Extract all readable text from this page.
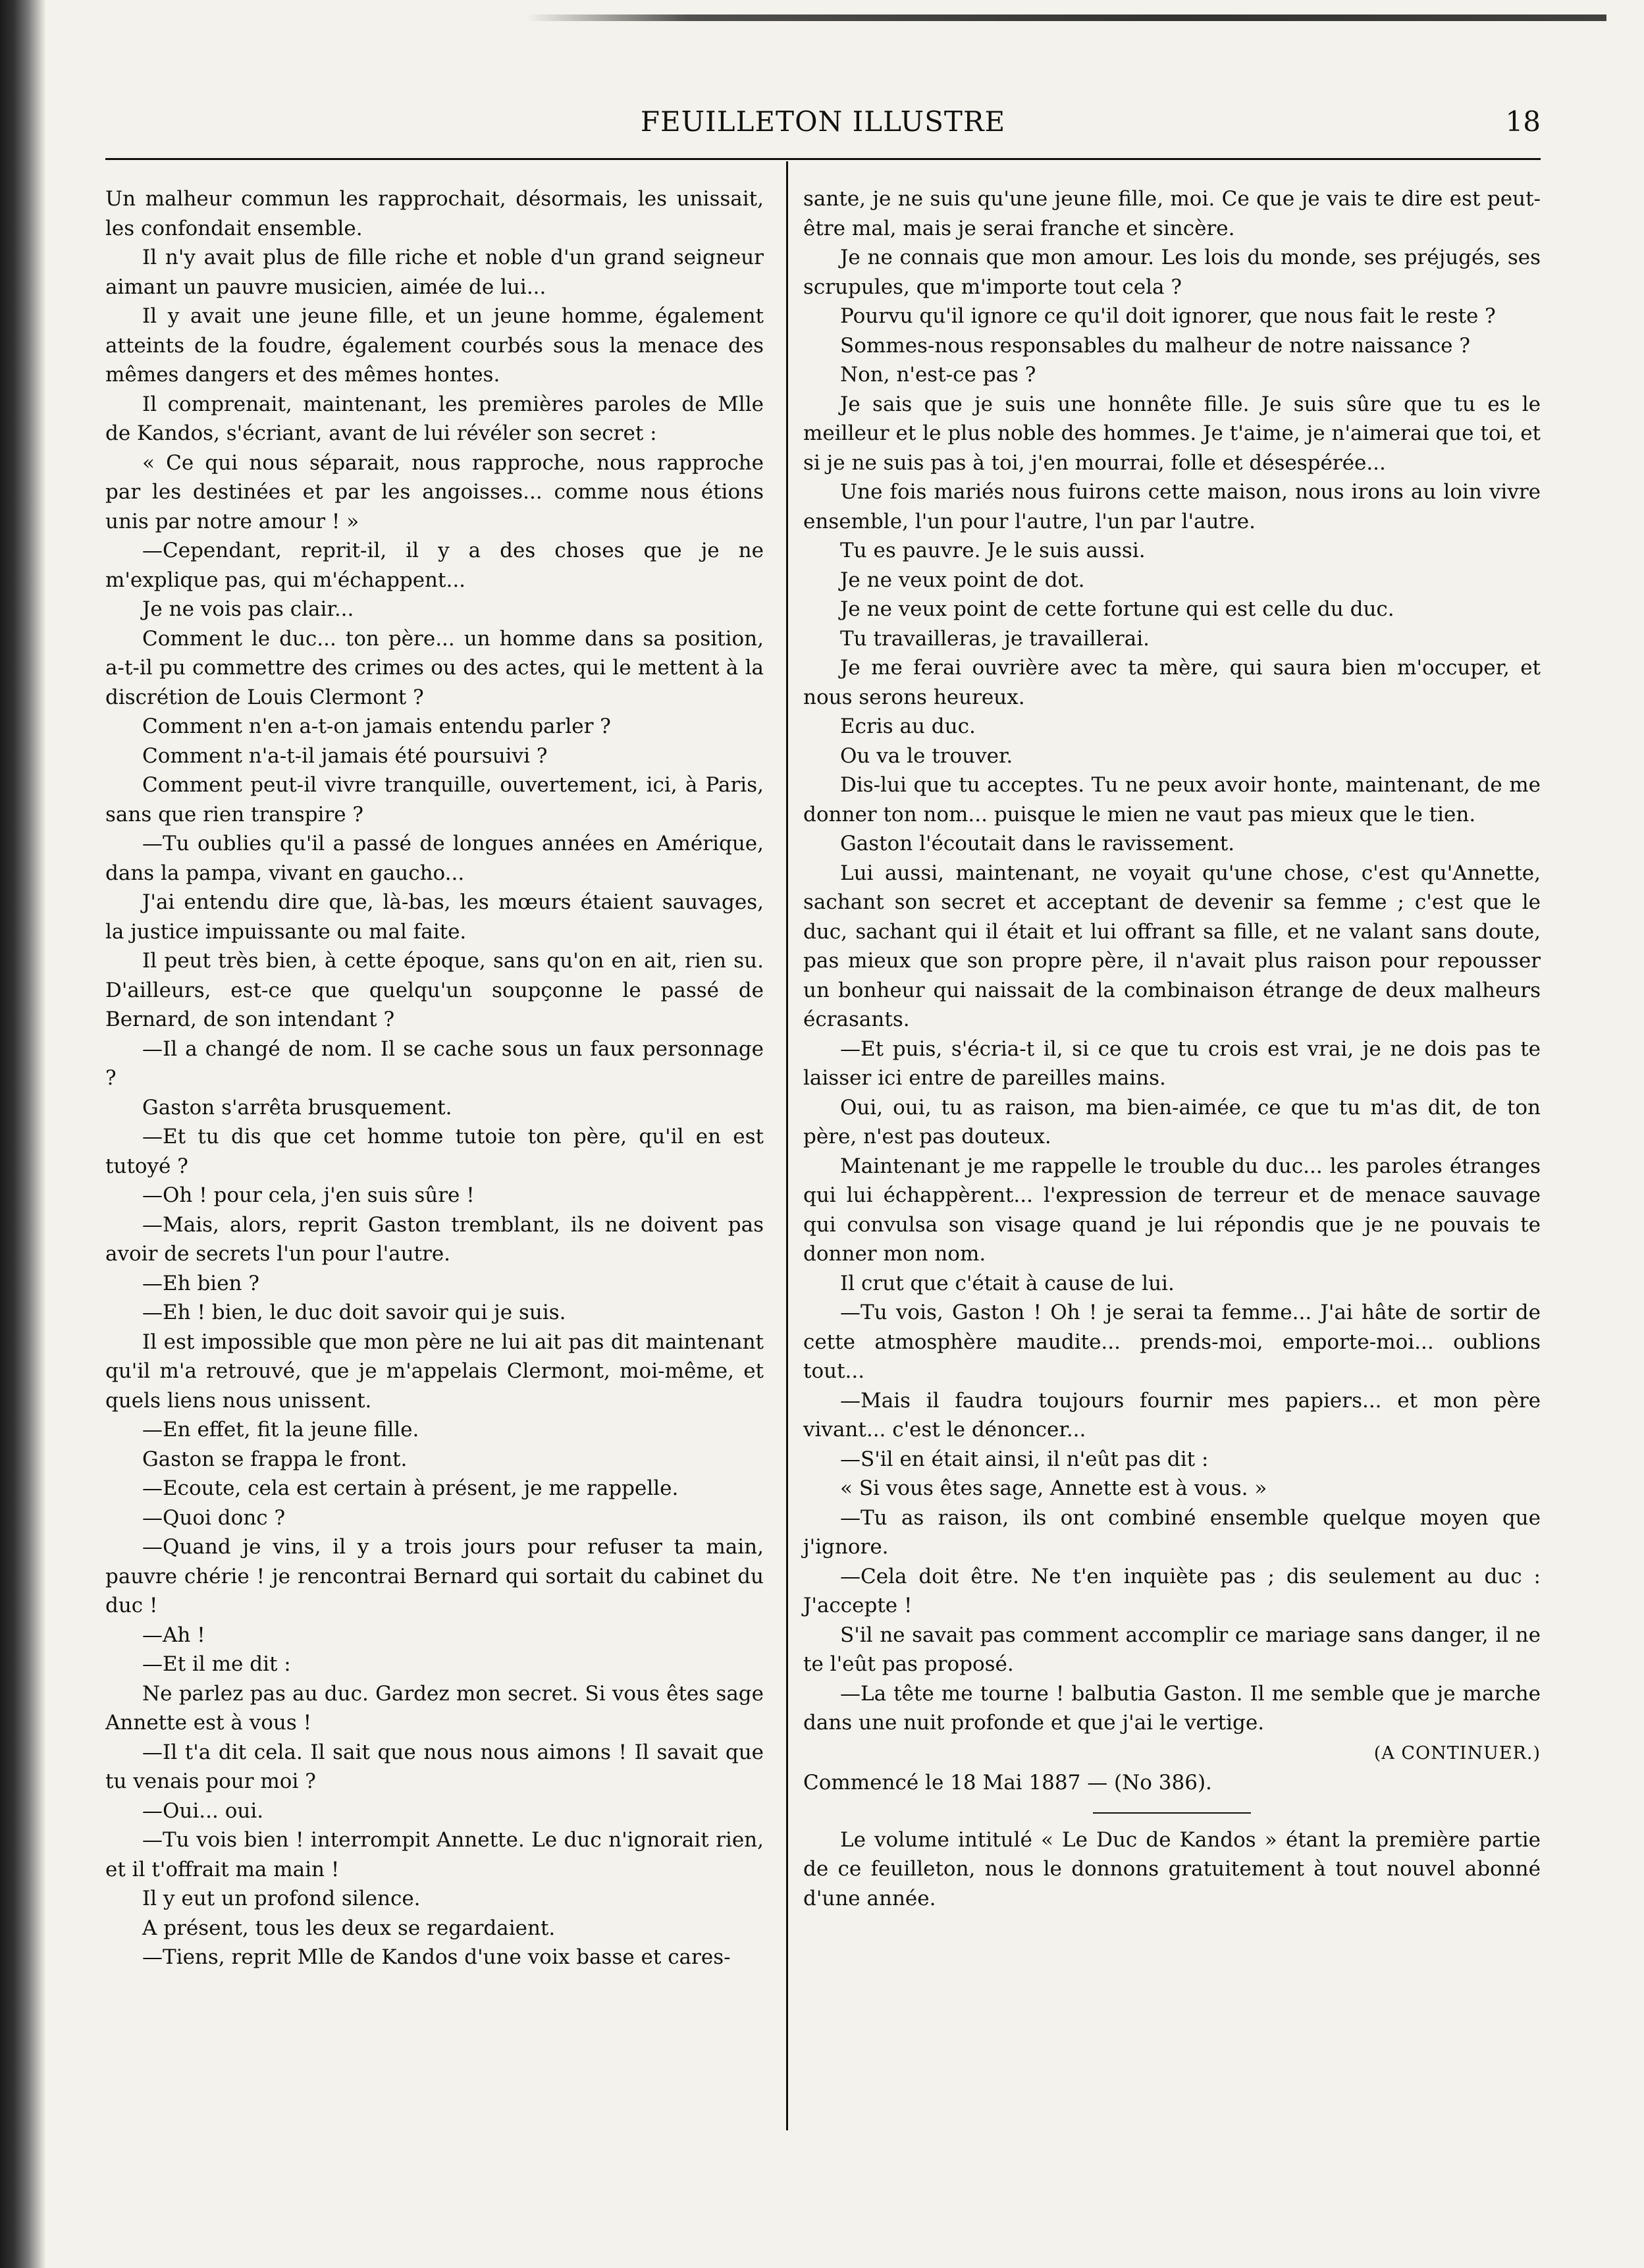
FEUILLETON ILLUSTRE	18

Un malheur commun les rapprochait, désormais, les unissait, les confondait ensemble.

Il n'y avait plus de fille riche et noble d'un grand seigneur aimant un pauvre musicien, aimée de lui...

Il y avait une jeune fille, et un jeune homme, également atteints de la foudre, également courbés sous la menace des mêmes dangers et des mêmes hontes.

Il comprenait, maintenant, les premières paroles de Mlle de Kandos, s'écriant, avant de lui révéler son secret :

« Ce qui nous séparait, nous rapproche, nous rapproche par les destinées et par les angoisses... comme nous étions unis par notre amour ! »

—Cependant, reprit-il, il y a des choses que je ne m'explique pas, qui m'échappent...

Je ne vois pas clair...

Comment le duc... ton père... un homme dans sa position, a-t-il pu commettre des crimes ou des actes, qui le mettent à la discrétion de Louis Clermont ?

Comment n'en a-t-on jamais entendu parler ?

Comment n'a-t-il jamais été poursuivi ?

Comment peut-il vivre tranquille, ouvertement, ici, à Paris, sans que rien transpire ?

—Tu oublies qu'il a passé de longues années en Amérique, dans la pampa, vivant en gaucho...

J'ai entendu dire que, là-bas, les mœurs étaient sauvages, la justice impuissante ou mal faite.

Il peut très bien, à cette époque, sans qu'on en ait, rien su. D'ailleurs, est-ce que quelqu'un soupçonne le passé de Bernard, de son intendant ?

—Il a changé de nom. Il se cache sous un faux personnage ?

Gaston s'arrêta brusquement.

—Et tu dis que cet homme tutoie ton père, qu'il en est tutoyé ?

—Oh ! pour cela, j'en suis sûre !

—Mais, alors, reprit Gaston tremblant, ils ne doivent pas avoir de secrets l'un pour l'autre.

—Eh bien ?

—Eh ! bien, le duc doit savoir qui je suis.

Il est impossible que mon père ne lui ait pas dit maintenant qu'il m'a retrouvé, que je m'appelais Clermont, moi-même, et quels liens nous unissent.

—En effet, fit la jeune fille.

Gaston se frappa le front.

—Ecoute, cela est certain à présent, je me rappelle.

—Quoi donc ?

—Quand je vins, il y a trois jours pour refuser ta main, pauvre chérie ! je rencontrai Bernard qui sortait du cabinet du duc !

—Ah !

—Et il me dit :

Ne parlez pas au duc. Gardez mon secret. Si vous êtes sage Annette est à vous !

—Il t'a dit cela. Il sait que nous nous aimons ! Il savait que tu venais pour moi ?

—Oui... oui.

—Tu vois bien ! interrompit Annette. Le duc n'ignorait rien, et il t'offrait ma main !

Il y eut un profond silence.

A présent, tous les deux se regardaient.

—Tiens, reprit Mlle de Kandos d'une voix basse et cares-

sante, je ne suis qu'une jeune fille, moi. Ce que je vais te dire est peut-être mal, mais je serai franche et sincère.

Je ne connais que mon amour. Les lois du monde, ses préjugés, ses scrupules, que m'importe tout cela ?

Pourvu qu'il ignore ce qu'il doit ignorer, que nous fait le reste ?

Sommes-nous responsables du malheur de notre naissance ?

Non, n'est-ce pas ?

Je sais que je suis une honnête fille. Je suis sûre que tu es le meilleur et le plus noble des hommes. Je t'aime, je n'aimerai que toi, et si je ne suis pas à toi, j'en mourrai, folle et désespérée...

Une fois mariés nous fuirons cette maison, nous irons au loin vivre ensemble, l'un pour l'autre, l'un par l'autre.

Tu es pauvre. Je le suis aussi.

Je ne veux point de dot.

Je ne veux point de cette fortune qui est celle du duc.

Tu travailleras, je travaillerai.

Je me ferai ouvrière avec ta mère, qui saura bien m'occuper, et nous serons heureux.

Ecris au duc.

Ou va le trouver.

Dis-lui que tu acceptes. Tu ne peux avoir honte, maintenant, de me donner ton nom... puisque le mien ne vaut pas mieux que le tien.

Gaston l'écoutait dans le ravissement.

Lui aussi, maintenant, ne voyait qu'une chose, c'est qu'Annette, sachant son secret et acceptant de devenir sa femme ; c'est que le duc, sachant qui il était et lui offrant sa fille, et ne valant sans doute, pas mieux que son propre père, il n'avait plus raison pour repousser un bonheur qui naissait de la combinaison étrange de deux malheurs écrasants.

—Et puis, s'écria-t il, si ce que tu crois est vrai, je ne dois pas te laisser ici entre de pareilles mains.

Oui, oui, tu as raison, ma bien-aimée, ce que tu m'as dit, de ton père, n'est pas douteux.

Maintenant je me rappelle le trouble du duc... les paroles étranges qui lui échappèrent... l'expression de terreur et de menace sauvage qui convulsa son visage quand je lui répondis que je ne pouvais te donner mon nom.

Il crut que c'était à cause de lui.

—Tu vois, Gaston ! Oh ! je serai ta femme... J'ai hâte de sortir de cette atmosphère maudite... prends-moi, emporte-moi... oublions tout...

—Mais il faudra toujours fournir mes papiers... et mon père vivant... c'est le dénoncer...

—S'il en était ainsi, il n'eût pas dit :

« Si vous êtes sage, Annette est à vous. »

—Tu as raison, ils ont combiné ensemble quelque moyen que j'ignore.

—Cela doit être. Ne t'en inquiète pas ; dis seulement au duc : J'accepte !

S'il ne savait pas comment accomplir ce mariage sans danger, il ne te l'eût pas proposé.

—La tête me tourne ! balbutia Gaston. Il me semble que je marche dans une nuit profonde et que j'ai le vertige.

(A CONTINUER.)

Commencé le 18 Mai 1887 — (No 386).

Le volume intitulé « Le Duc de Kandos » étant la première partie de ce feuilleton, nous le donnons gratuitement à tout nouvel abonné d'une année.
